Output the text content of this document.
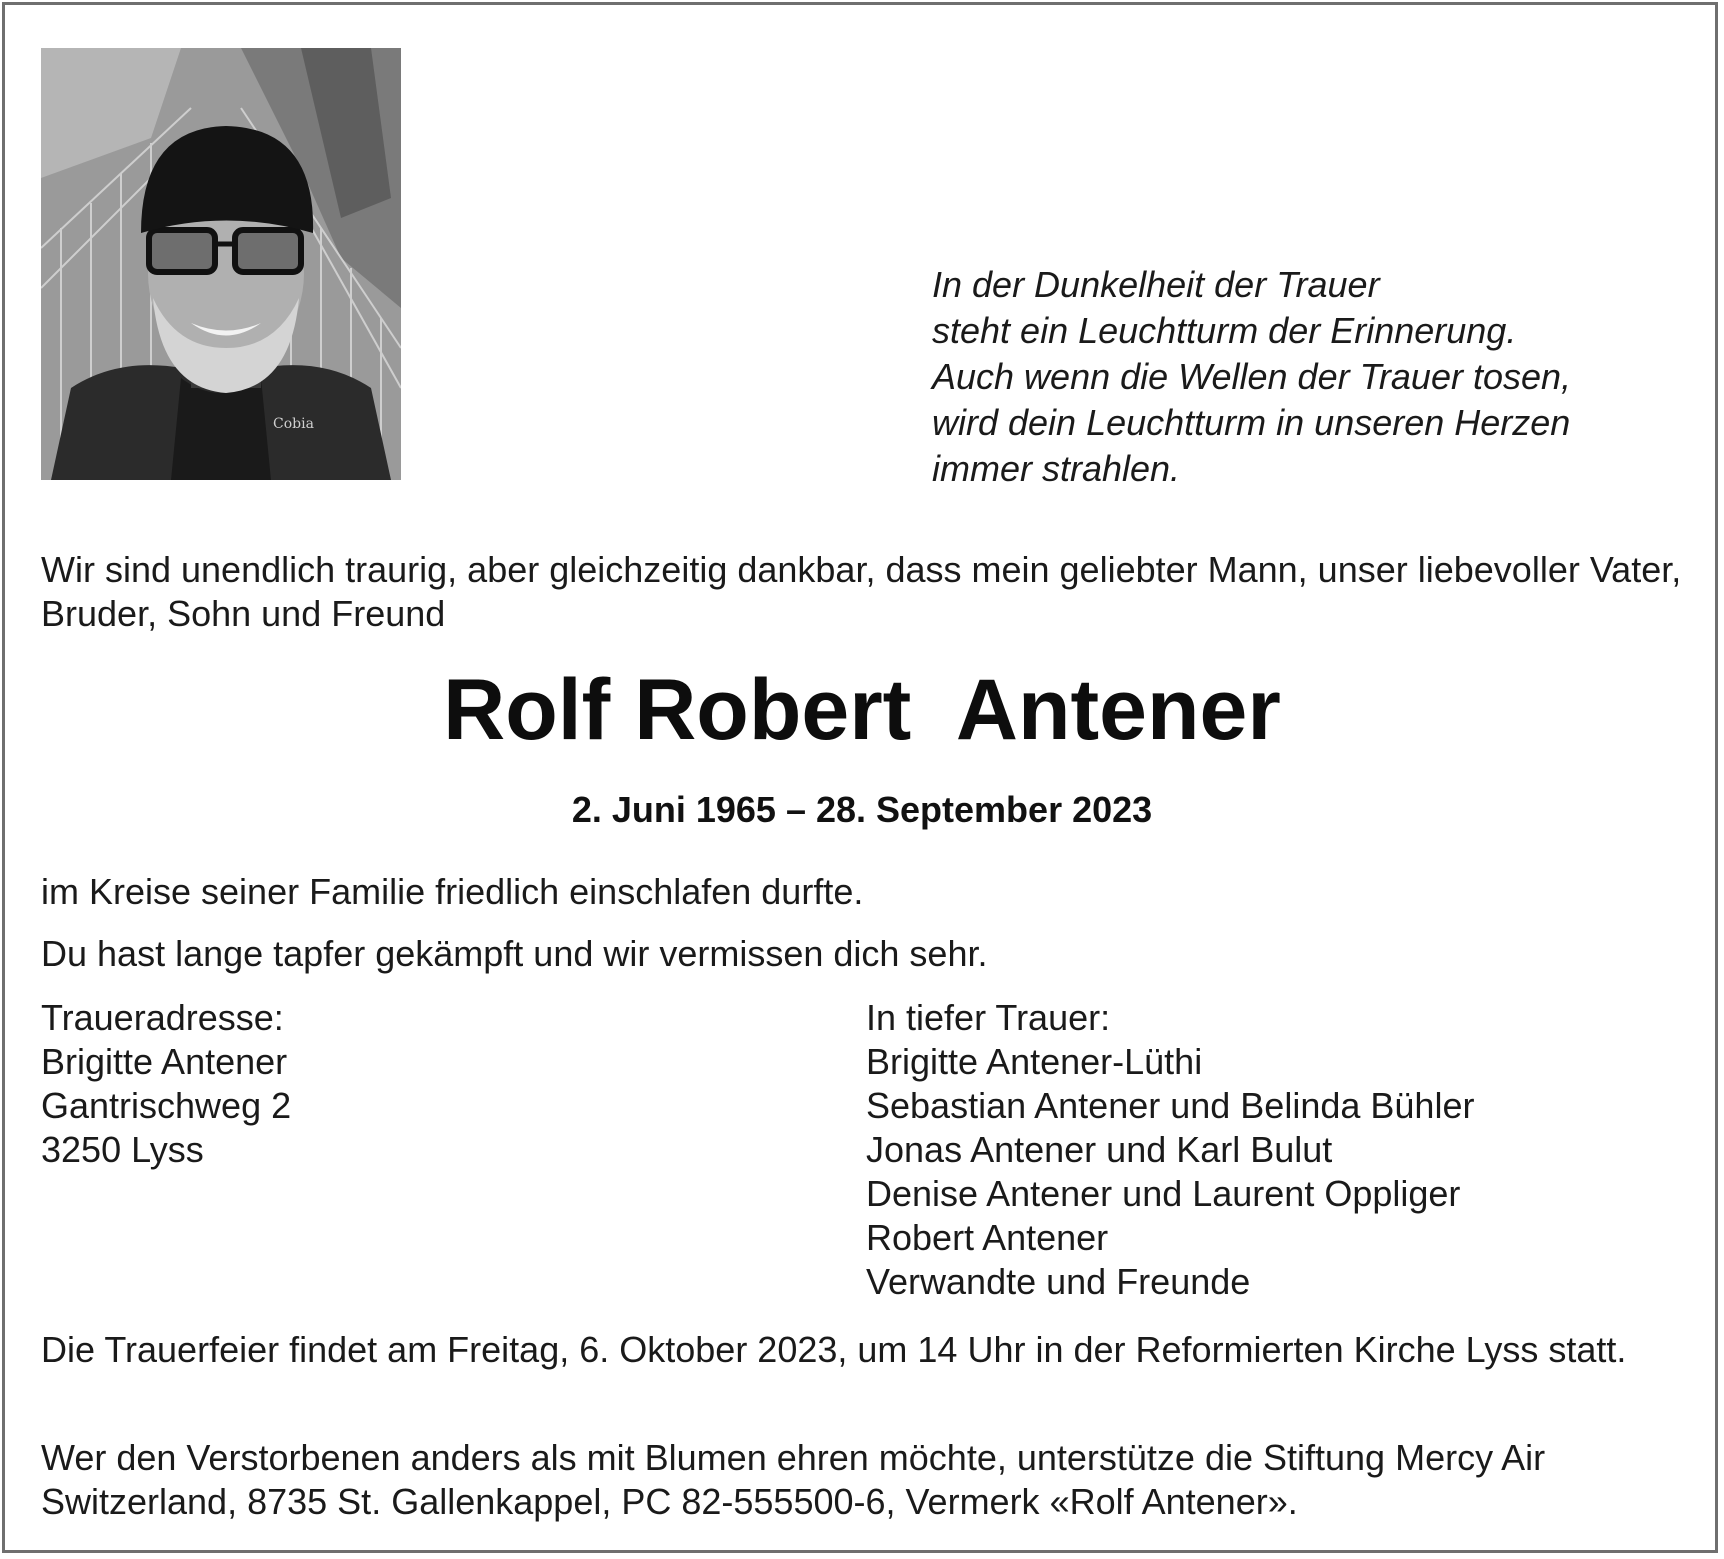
Cobia
In der Dunkelheit der Trauer
steht ein Leuchtturm der Erinnerung.
Auch wenn die Wellen der Trauer tosen,
wird dein Leuchtturm in unseren Herzen
immer strahlen.
Wir sind unendlich traurig, aber gleichzeitig dankbar, dass mein geliebter Mann, unser liebevoller Vater, Bruder, Sohn und Freund
Rolf Robert  Antener
2. Juni 1965 – 28. September 2023
im Kreise seiner Familie friedlich einschlafen durfte.
Du hast lange tapfer gekämpft und wir vermissen dich sehr.
Traueradresse:
Brigitte Antener
Gantrischweg 2
3250 Lyss
In tiefer Trauer:
Brigitte Antener-Lüthi
Sebastian Antener und Belinda Bühler
Jonas Antener und Karl Bulut
Denise Antener und Laurent Oppliger
Robert Antener
Verwandte und Freunde
Die Trauerfeier findet am Freitag, 6. Oktober 2023, um 14 Uhr in der Reformierten Kirche Lyss statt.
Wer den Verstorbenen anders als mit Blumen ehren möchte, unterstütze die Stiftung Mercy Air Switzerland, 8735 St. Gallenkappel, PC 82-555500-6, Vermerk «Rolf Antener».
